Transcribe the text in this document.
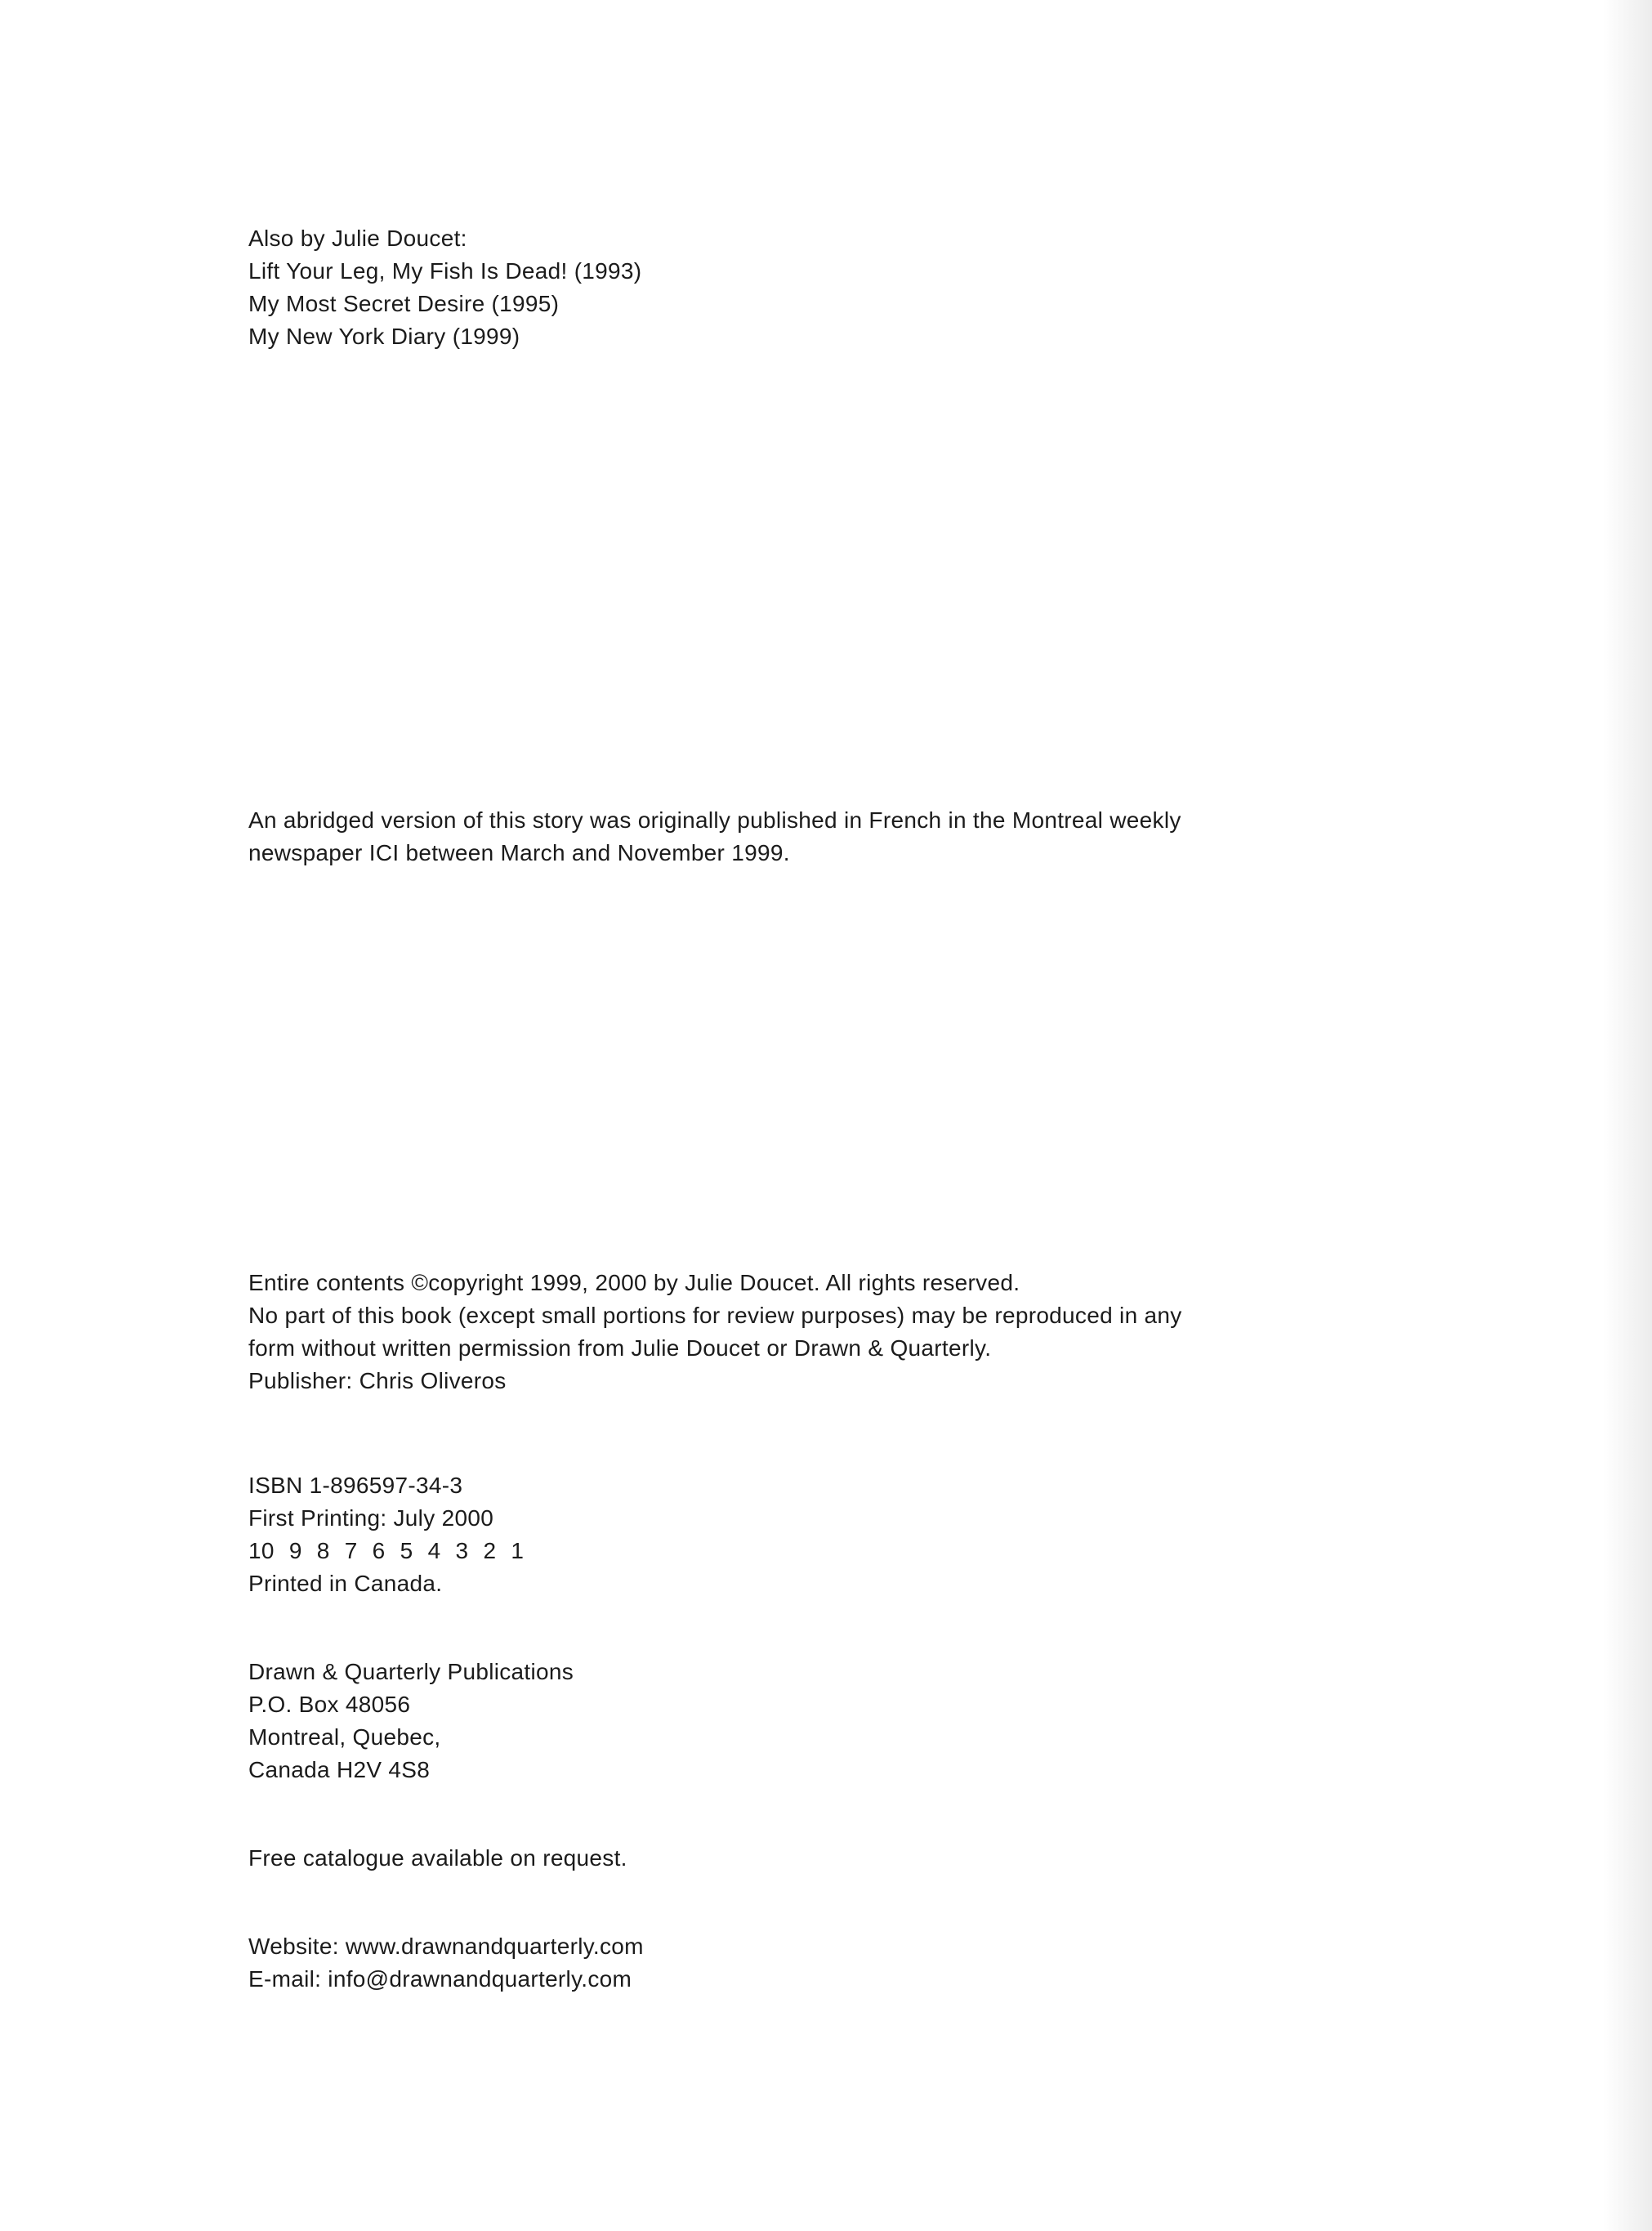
Also by Julie Doucet:
Lift Your Leg, My Fish Is Dead! (1993)
My Most Secret Desire (1995)
My New York Diary (1999)
An abridged version of this story was originally published in French in the Montreal weekly
newspaper ICI between March and November 1999.
Entire contents ©copyright 1999, 2000 by Julie Doucet. All rights reserved.
No part of this book (except small portions for review purposes) may be reproduced in any
form without written permission from Julie Doucet or Drawn & Quarterly.
Publisher: Chris Oliveros
ISBN 1-896597-34-3
First Printing: July 2000
10 9 8 7 6 5 4 3 2 1
Printed in Canada.
Drawn & Quarterly Publications
P.O. Box 48056
Montreal, Quebec,
Canada H2V 4S8
Free catalogue available on request.
Website: www.drawnandquarterly.com
E-mail: info@drawnandquarterly.com
